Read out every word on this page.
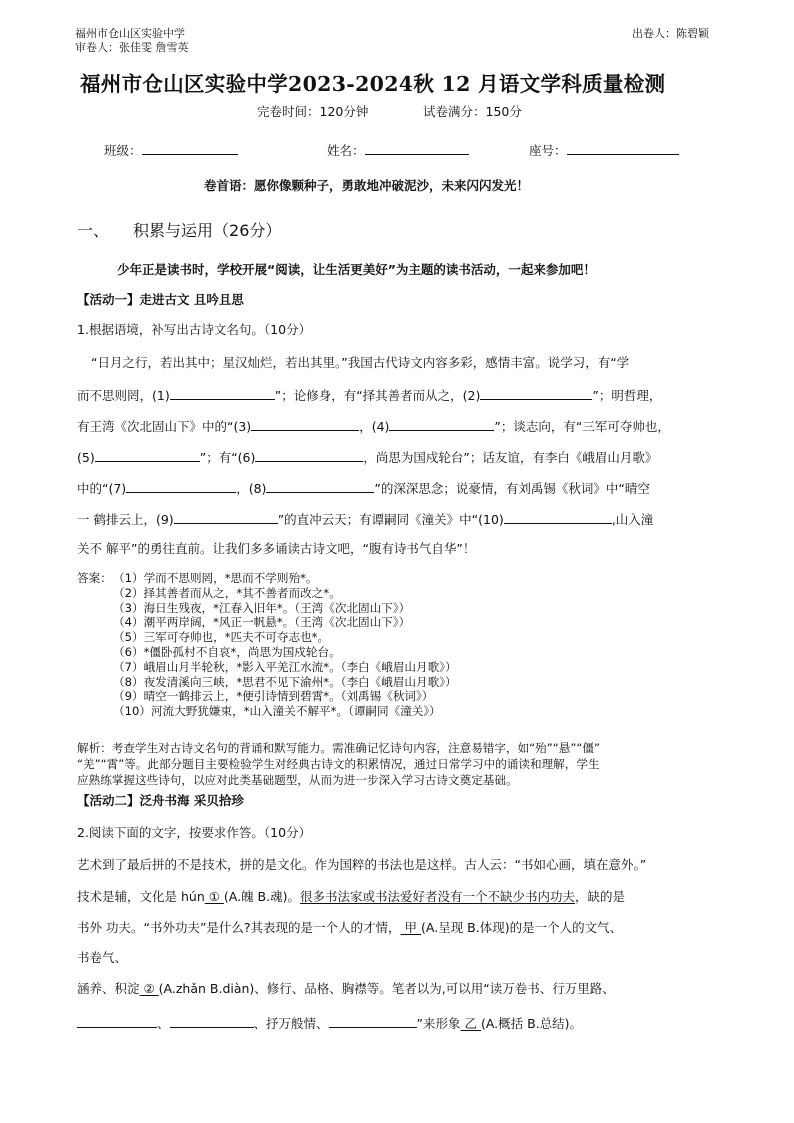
福州市仓山区实验中学
审卷人：张佳雯 詹雪英
出卷人：陈碧颖
福州市仓山区实验中学2023-2024秋 12 月语文学科质量检测
完卷时间：120分钟	试卷满分：150分
班级：	姓名：	座号：
卷首语：愿你像颗种子，勇敢地冲破泥沙，未来闪闪发光！
一、 积累与运用（26分）
少年正是读书时，学校开展“阅读，让生活更美好”为主题的读书活动，一起来参加吧！
【活动一】走进古文 且吟且思
1.根据语境，补写出古诗文名句。（10分）
“日月之行，若出其中；星汉灿烂，若出其里。”我国古代诗文内容多彩，感情丰富。说学习，有“学
而不思则罔，(1)	”；论修身，有“择其善者而从之，(2)	”；明哲理，
有王湾《次北固山下》中的“(3)	，(4)	”；谈志向，有“三军可夺帅也，
(5)	”；有“(6)	，尚思为国戍轮台”；话友谊，有李白《峨眉山月歌》
中的“(7)	，(8)	”的深深思念；说豪情，有刘禹锡《秋词》中“晴空
一 鹤排云上，(9)	”的直冲云天；有谭嗣同《潼关》中“(10)	,山入潼
关不 解平”的勇往直前。让我们多多诵读古诗文吧，“腹有诗书气自华”！
答案： （1）学而不思则罔，*思而不学则殆*。
（2）择其善者而从之，*其不善者而改之*。
（3）海日生残夜，*江春入旧年*。（王湾《次北固山下》）
（4）潮平两岸阔，*风正一帆悬*。（王湾《次北固山下》）
（5）三军可夺帅也，*匹夫不可夺志也*。
（6）*僵卧孤村不自哀*，尚思为国戍轮台。
（7）峨眉山月半轮秋，*影入平羌江水流*。（李白《峨眉山月歌》）
（8）夜发清溪向三峡，*思君不见下渝州*。（李白《峨眉山月歌》）
（9）晴空一鹤排云上，*便引诗情到碧霄*。（刘禹锡《秋词》）
（10）河流大野犹嫌束，*山入潼关不解平*。（谭嗣同《潼关》）
解析：考查学生对古诗文名句的背诵和默写能力。需准确记忆诗句内容，注意易错字，如“殆”“悬”“僵”
“羌”“霄”等。此部分题目主要检验学生对经典古诗文的积累情况，通过日常学习中的诵读和理解，学生
应熟练掌握这些诗句，以应对此类基础题型，从而为进一步深入学习古诗文奠定基础。
【活动二】泛舟书海 采贝拾珍
2.阅读下面的文字，按要求作答。（10分）
艺术到了最后拼的不是技术，拼的是文化。作为国粹的书法也是这样。古人云：“书如心画，填在意外。”
技术是辅，文化是 hún ① (A.魄 B.魂)。很多书法家或书法爱好者没有一个不缺少书内功夫，缺的是
书外 功夫。“书外功夫”是什么?其表现的是一个人的才情， 甲 (A.呈现 B.体现)的是一个人的文气、
书卷气、
涵养、积淀 ② (A.zhǎn B.diàn)、修行、品格、胸襟等。笔者以为,可以用“读万卷书、行万里路、
、	、抒万般情、	”来形象 乙 (A.概括 B.总结)。
